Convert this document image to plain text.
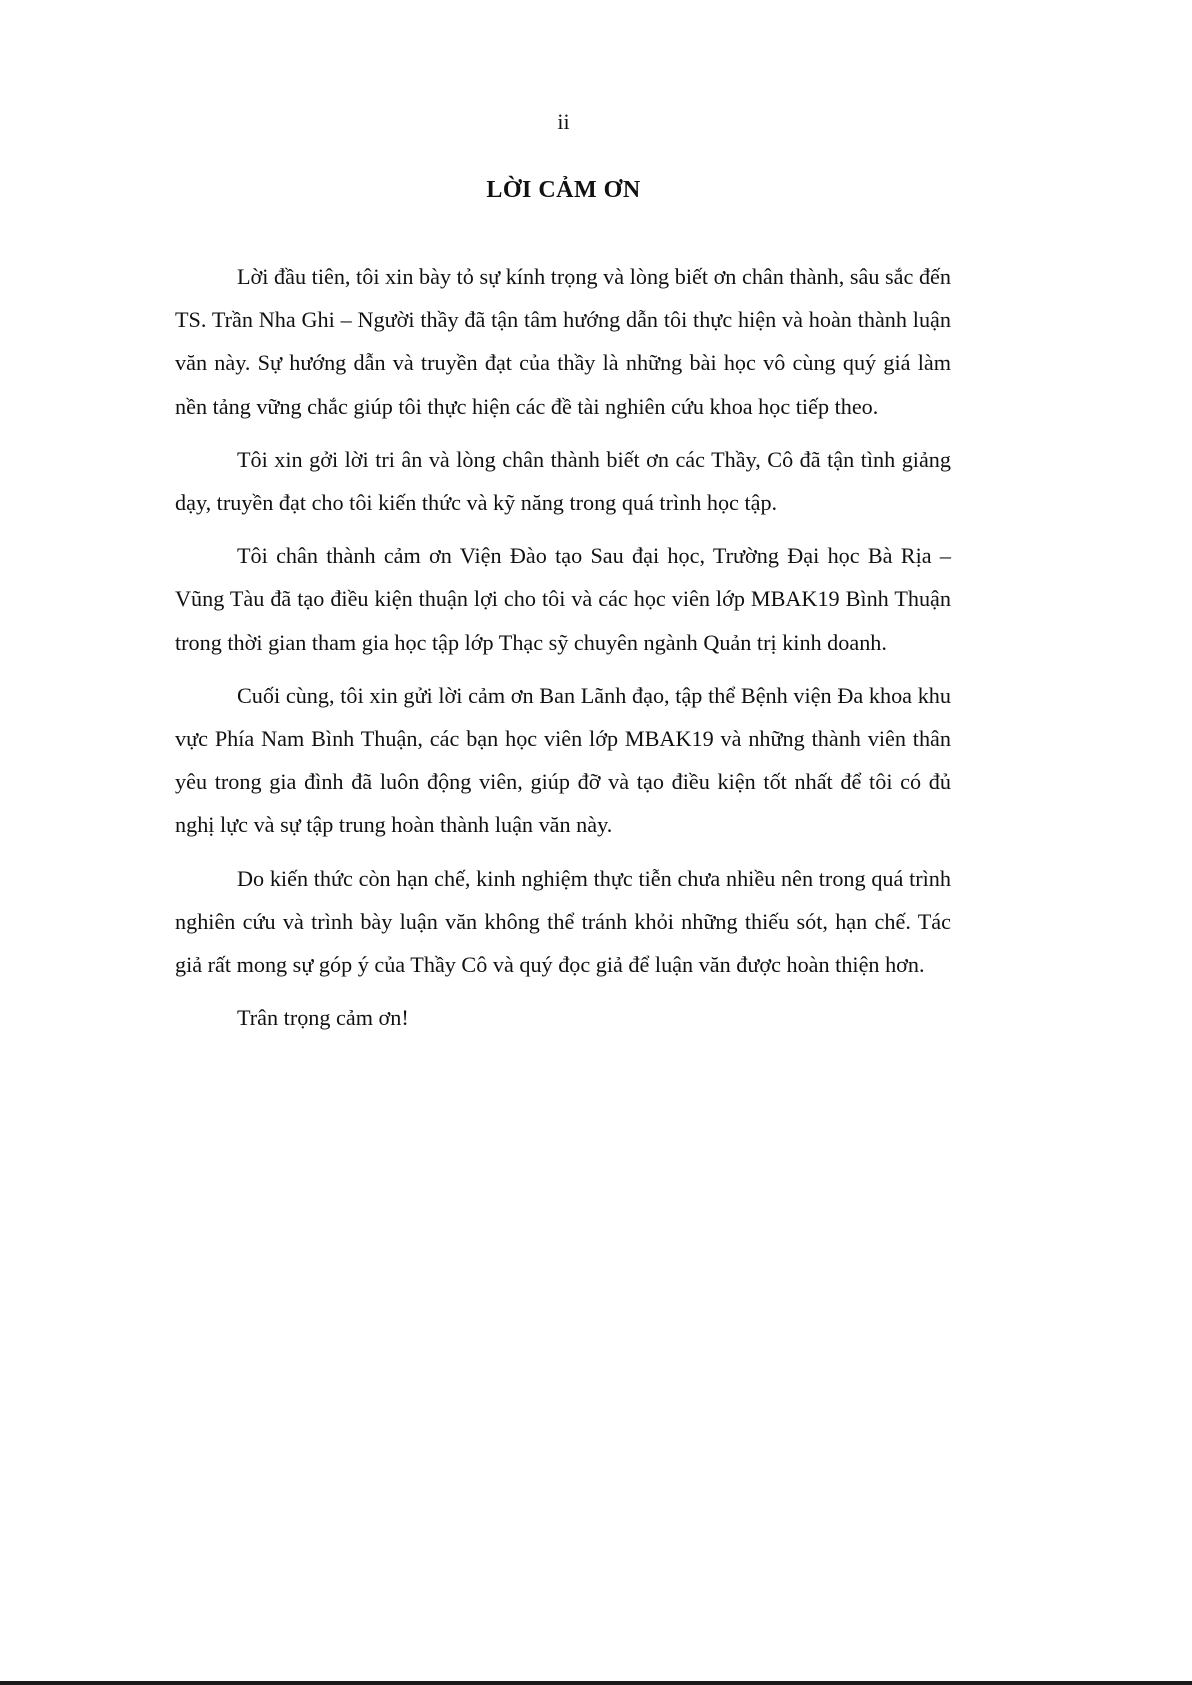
ii
LỜI CẢM ƠN

Lời đầu tiên, tôi xin bày tỏ sự kính trọng và lòng biết ơn chân thành, sâu sắc đến TS. Trần Nha Ghi – Người thầy đã tận tâm hướng dẫn tôi thực hiện và hoàn thành luận văn này. Sự hướng dẫn và truyền đạt của thầy là những bài học vô cùng quý giá làm nền tảng vững chắc giúp tôi thực hiện các đề tài nghiên cứu khoa học tiếp theo.

Tôi xin gởi lời tri ân và lòng chân thành biết ơn các Thầy, Cô đã tận tình giảng dạy, truyền đạt cho tôi kiến thức và kỹ năng trong quá trình học tập.

Tôi chân thành cảm ơn Viện Đào tạo Sau đại học, Trường Đại học Bà Rịa – Vũng Tàu đã tạo điều kiện thuận lợi cho tôi và các học viên lớp MBAK19 Bình Thuận trong thời gian tham gia học tập lớp Thạc sỹ chuyên ngành Quản trị kinh doanh.

Cuối cùng, tôi xin gửi lời cảm ơn Ban Lãnh đạo, tập thể Bệnh viện Đa khoa khu vực Phía Nam Bình Thuận, các bạn học viên lớp MBAK19 và những thành viên thân yêu trong gia đình đã luôn động viên, giúp đỡ và tạo điều kiện tốt nhất để tôi có đủ nghị lực và sự tập trung hoàn thành luận văn này.

Do kiến thức còn hạn chế, kinh nghiệm thực tiễn chưa nhiều nên trong quá trình nghiên cứu và trình bày luận văn không thể tránh khỏi những thiếu sót, hạn chế. Tác giả rất mong sự góp ý của Thầy Cô và quý đọc giả để luận văn được hoàn thiện hơn.

Trân trọng cảm ơn!
